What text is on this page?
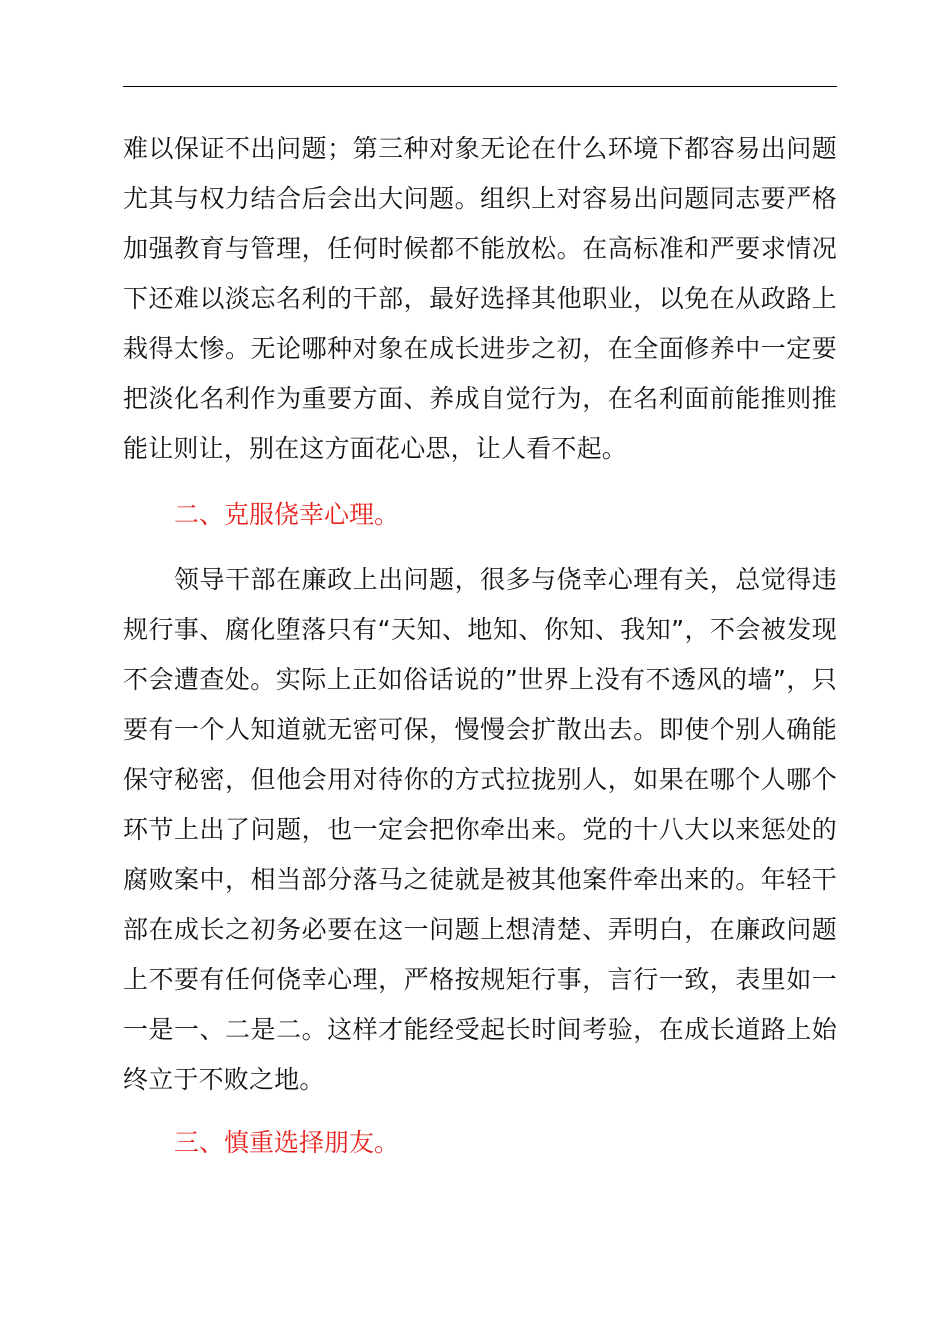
难以保证不出问题；第三种对象无论在什么环境下都容易出问题尤其与权力结合后会出大问题。组织上对容易出问题同志要严格加强教育与管理，任何时候都不能放松。在高标准和严要求情况下还难以淡忘名利的干部，最好选择其他职业，以免在从政路上栽得太惨。无论哪种对象在成长进步之初，在全面修养中一定要把淡化名利作为重要方面、养成自觉行为，在名利面前能推则推能让则让，别在这方面花心思，让人看不起。

二、克服侥幸心理。

领导干部在廉政上出问题，很多与侥幸心理有关，总觉得违规行事、腐化堕落只有“天知、地知、你知、我知”，不会被发现不会遭查处。实际上正如俗话说的”世界上没有不透风的墙”，只要有一个人知道就无密可保，慢慢会扩散出去。即使个别人确能保守秘密，但他会用对待你的方式拉拢别人，如果在哪个人哪个环节上出了问题，也一定会把你牵出来。党的十八大以来惩处的腐败案中，相当部分落马之徒就是被其他案件牵出来的。年轻干部在成长之初务必要在这一问题上想清楚、弄明白，在廉政问题上不要有任何侥幸心理，严格按规矩行事，言行一致，表里如一一是一、二是二。这样才能经受起长时间考验，在成长道路上始终立于不败之地。

三、慎重选择朋友。
